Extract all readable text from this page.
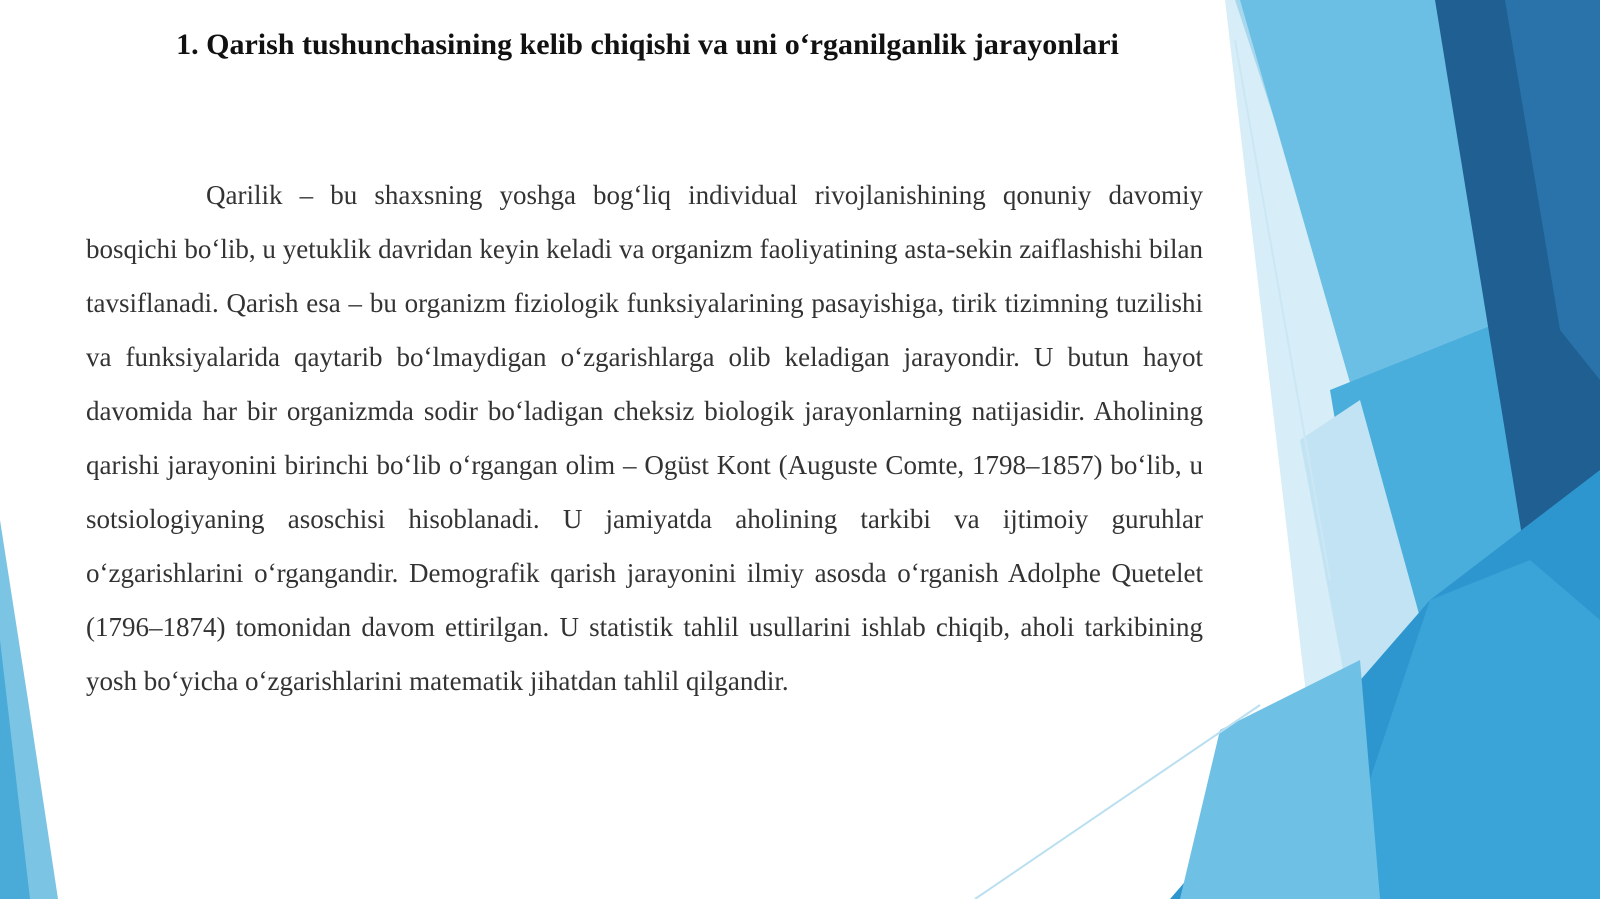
1. Qarish tushunchasining kelib chiqishi va uni o‘rganilganlik jarayonlari

Qarilik – bu shaxsning yoshga bog‘liq individual rivojlanishining qonuniy davomiy bosqichi bo‘lib, u yetuklik davridan keyin keladi va organizm faoliyatining asta-sekin zaiflashishi bilan tavsiflanadi. Qarish esa – bu organizm fiziologik funksiyalarining pasayishiga, tirik tizimning tuzilishi va funksiyalarida qaytarib bo‘lmaydigan o‘zgarishlarga olib keladigan jarayondir. U butun hayot davomida har bir organizmda sodir bo‘ladigan cheksiz biologik jarayonlarning natijasidir. Aholining qarishi jarayonini birinchi bo‘lib o‘rgangan olim – Ogüst Kont (Auguste Comte, 1798–1857) bo‘lib, u sotsiologiyaning asoschisi hisoblanadi. U jamiyatda aholining tarkibi va ijtimoiy guruhlar o‘zgarishlarini o‘rgangandir. Demografik qarish jarayonini ilmiy asosda o‘rganish Adolphe Quetelet (1796–1874) tomonidan davom ettirilgan. U statistik tahlil usullarini ishlab chiqib, aholi tarkibining yosh bo‘yicha o‘zgarishlarini matematik jihatdan tahlil qilgandir.
